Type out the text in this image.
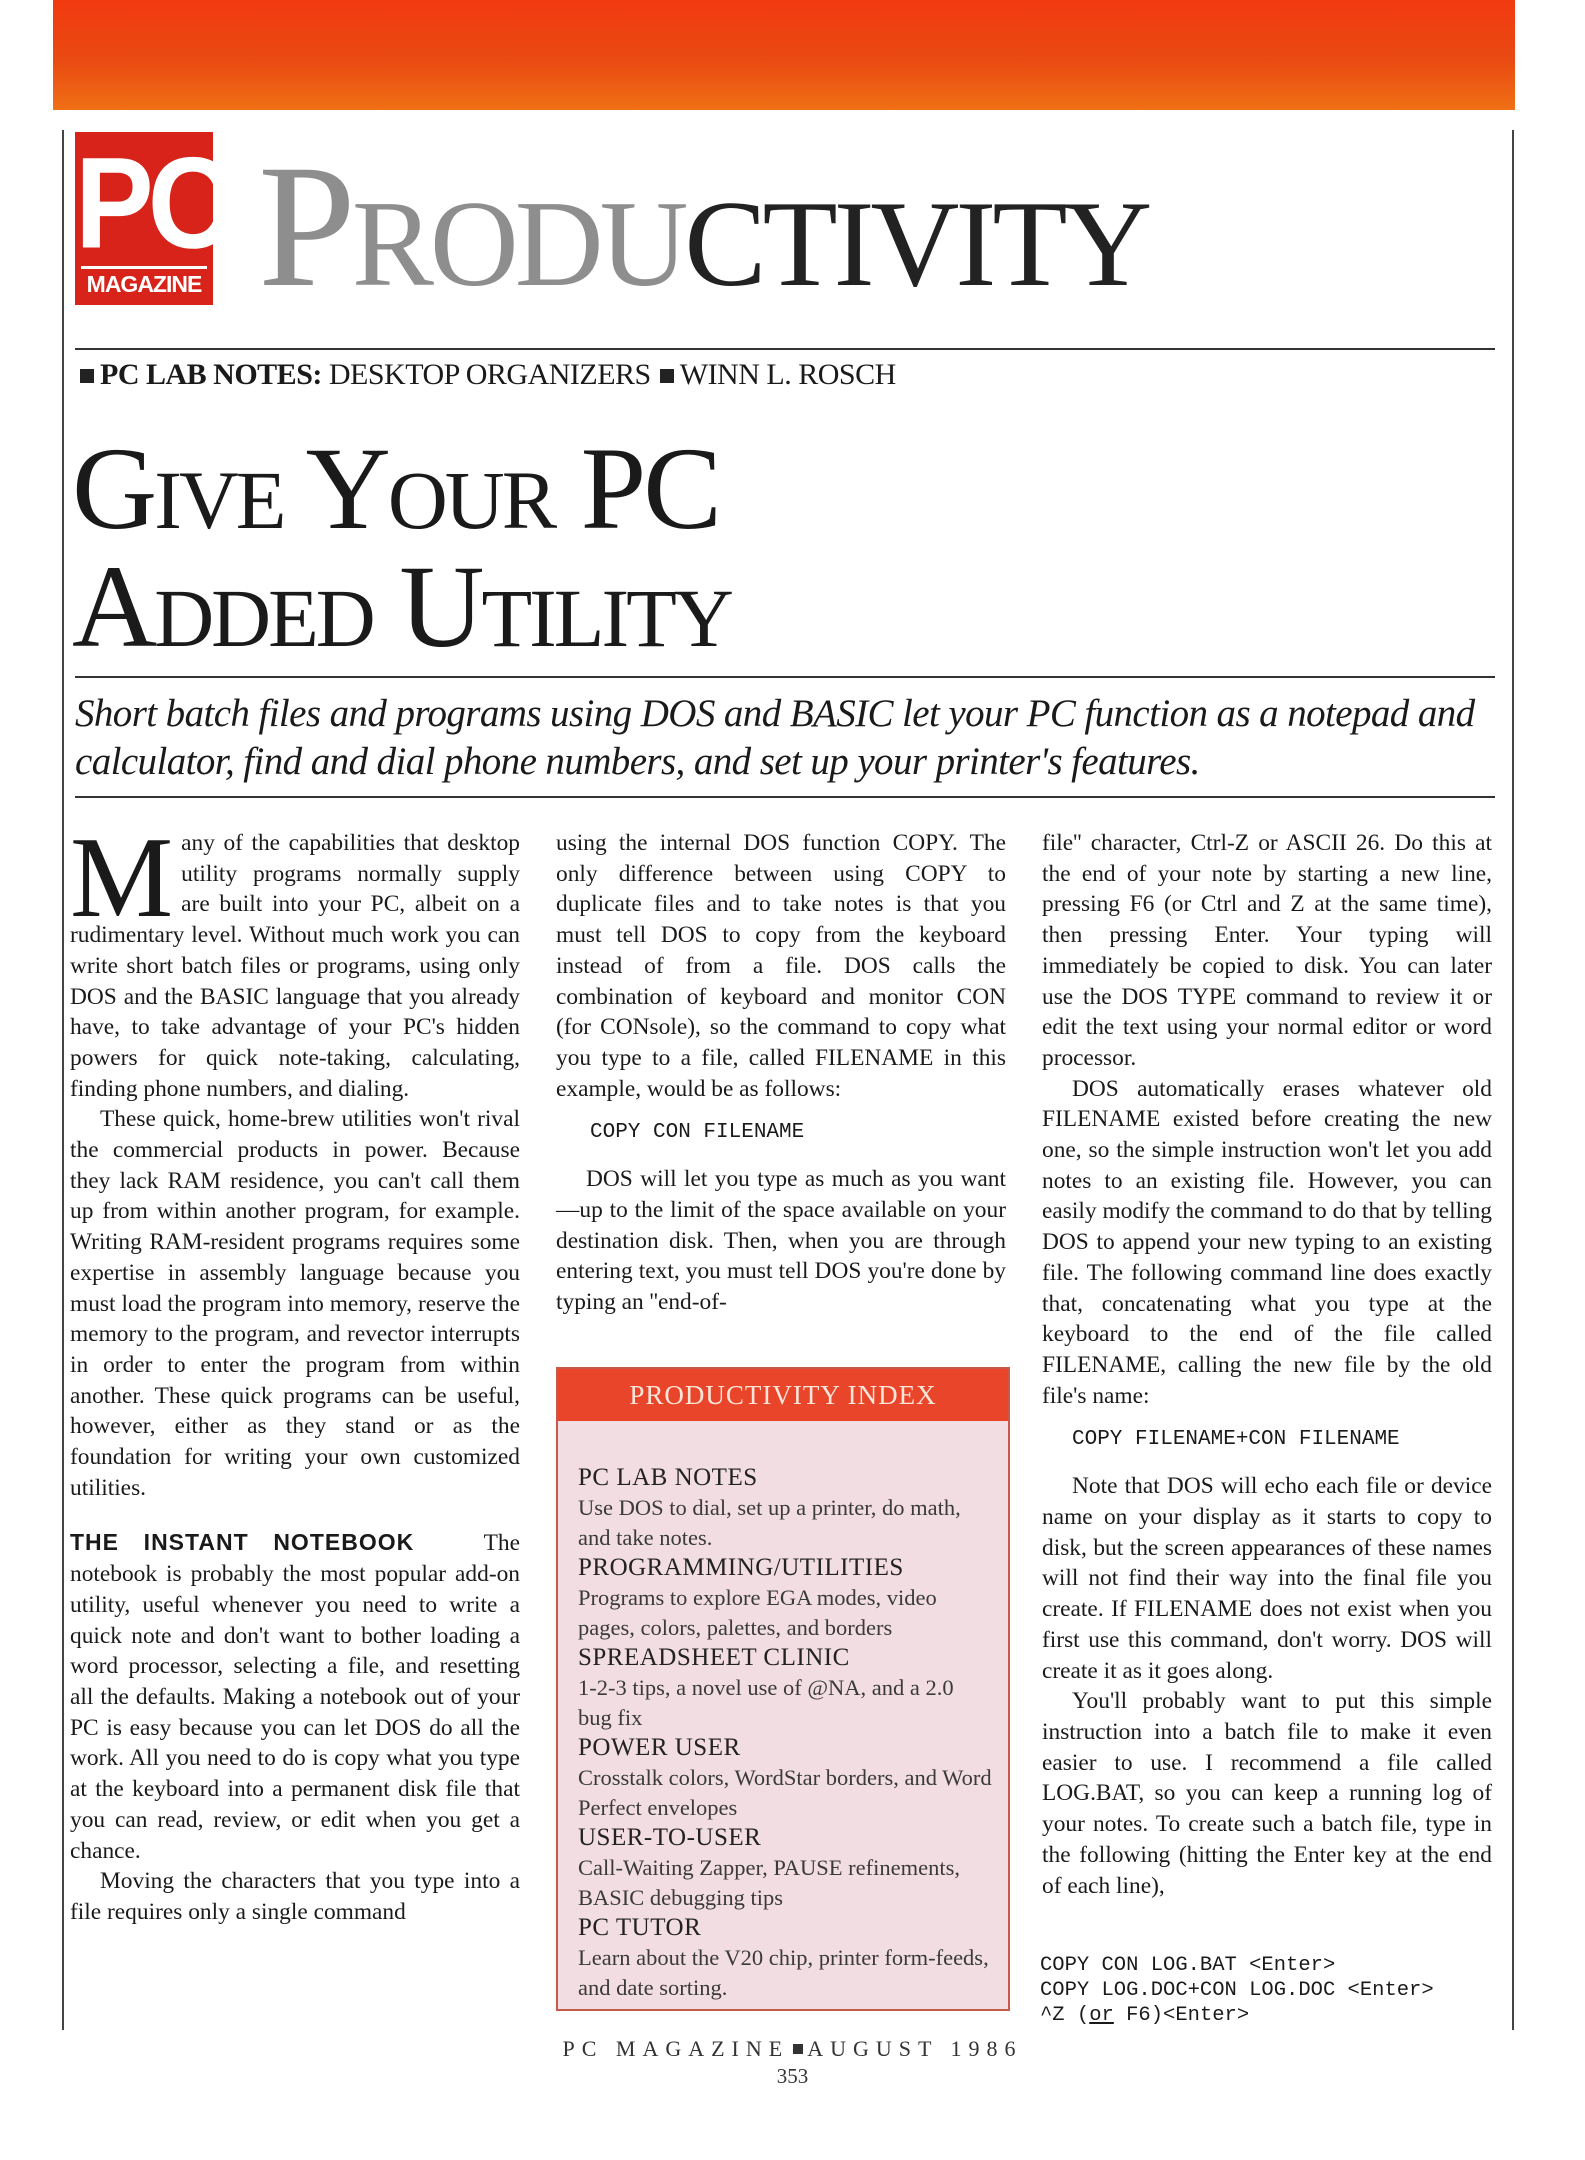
PC
MAGAZINE Productivity
PC LAB NOTES: DESKTOP ORGANIZERS WINN L. ROSCH
Give Your PC
Added Utility
Short batch files and programs using DOS and BASIC let your PC function as a notepad and calculator, find and dial phone numbers, and set up your printer's features.

Many of the capabilities that desktop utility programs normally supply are built into your PC, albeit on a rudimentary level. Without much work you can write short batch files or programs, using only DOS and the BASIC language that you already have, to take advantage of your PC's hidden powers for quick note-taking, calculating, finding phone numbers, and dialing.

These quick, home-brew utilities won't rival the commercial products in power. Because they lack RAM residence, you can't call them up from within another program, for example. Writing RAM-resident programs requires some expertise in assembly language because you must load the program into memory, reserve the memory to the program, and revector interrupts in order to enter the program from within another. These quick programs can be useful, however, either as they stand or as the foundation for writing your own customized utilities.

THE INSTANT NOTEBOOK	The notebook is probably the most popular add-on utility, useful whenever you need to write a quick note and don't want to bother loading a word processor, selecting a file, and resetting all the defaults. Making a notebook out of your PC is easy because you can let DOS do all the work. All you need to do is copy what you type at the keyboard into a permanent disk file that you can read, review, or edit when you get a chance.

Moving the characters that you type into a file requires only a single command

using the internal DOS function COPY. The only difference between using COPY to duplicate files and to take notes is that you must tell DOS to copy from the keyboard instead of from a file. DOS calls the combination of keyboard and monitor CON (for CONsole), so the command to copy what you type to a file, called FILENAME in this example, would be as follows:

COPY CON FILENAME

DOS will let you type as much as you want—up to the limit of the space available on your destination disk. Then, when you are through entering text, you must tell DOS you're done by typing an ''end-of-

PRODUCTIVITY INDEX
PC LAB NOTES
Use DOS to dial, set up a printer, do math, and take notes.
PROGRAMMING/UTILITIES
Programs to explore EGA modes, video pages, colors, palettes, and borders
SPREADSHEET CLINIC
1-2-3 tips, a novel use of @NA, and a 2.0 bug fix
POWER USER
Crosstalk colors, WordStar borders, and Word Perfect envelopes
USER-TO-USER
Call-Waiting Zapper, PAUSE refinements, BASIC debugging tips
PC TUTOR
Learn about the V20 chip, printer form-feeds, and date sorting.

file'' character, Ctrl-Z or ASCII 26. Do this at the end of your note by starting a new line, pressing F6 (or Ctrl and Z at the same time), then pressing Enter. Your typing will immediately be copied to disk. You can later use the DOS TYPE command to review it or edit the text using your normal editor or word processor.

DOS automatically erases whatever old FILENAME existed before creating the new one, so the simple instruction won't let you add notes to an existing file. However, you can easily modify the command to do that by telling DOS to append your new typing to an existing file. The following command line does exactly that, concatenating what you type at the keyboard to the end of the file called FILENAME, calling the new file by the old file's name:

COPY FILENAME+CON FILENAME

Note that DOS will echo each file or device name on your display as it starts to copy to disk, but the screen appearances of these names will not find their way into the final file you create. If FILENAME does not exist when you first use this command, don't worry. DOS will create it as it goes along.

You'll probably want to put this simple instruction into a batch file to make it even easier to use. I recommend a file called LOG.BAT, so you can keep a running log of your notes. To create such a batch file, type in the following (hitting the Enter key at the end of each line),

COPY CON LOG.BAT <Enter>
COPY LOG.DOC+CON LOG.DOC <Enter>
^Z (or F6)<Enter>
PC MAGAZINE AUGUST 1986
353
